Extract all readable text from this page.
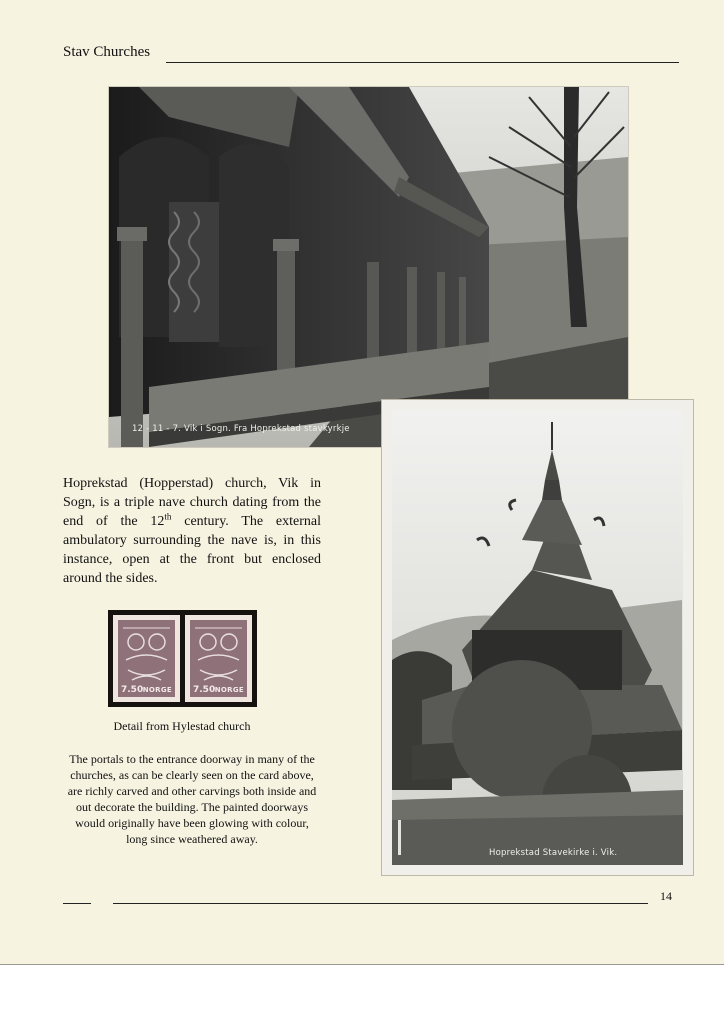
Stav Churches
12 - 11 - 7. Vik i Sogn. Fra Hoprekstad stavkyrkje
Hoprekstad (Hopperstad) church, Vik in Sogn, is a triple nave church dating from the end of the 12th century. The external ambulatory surrounding the nave is, in this instance, open at the front but enclosed around the sides.
Hoprekstad Stavekirke i. Vik.
7.50 NORGE 7.50 NORGE
Detail from Hylestad church
The portals to the entrance doorway in many of the churches, as can be clearly seen on the card above, are richly carved and other carvings both inside and out decorate the building. The painted doorways would originally have been glowing with colour, long since weathered away.
14
